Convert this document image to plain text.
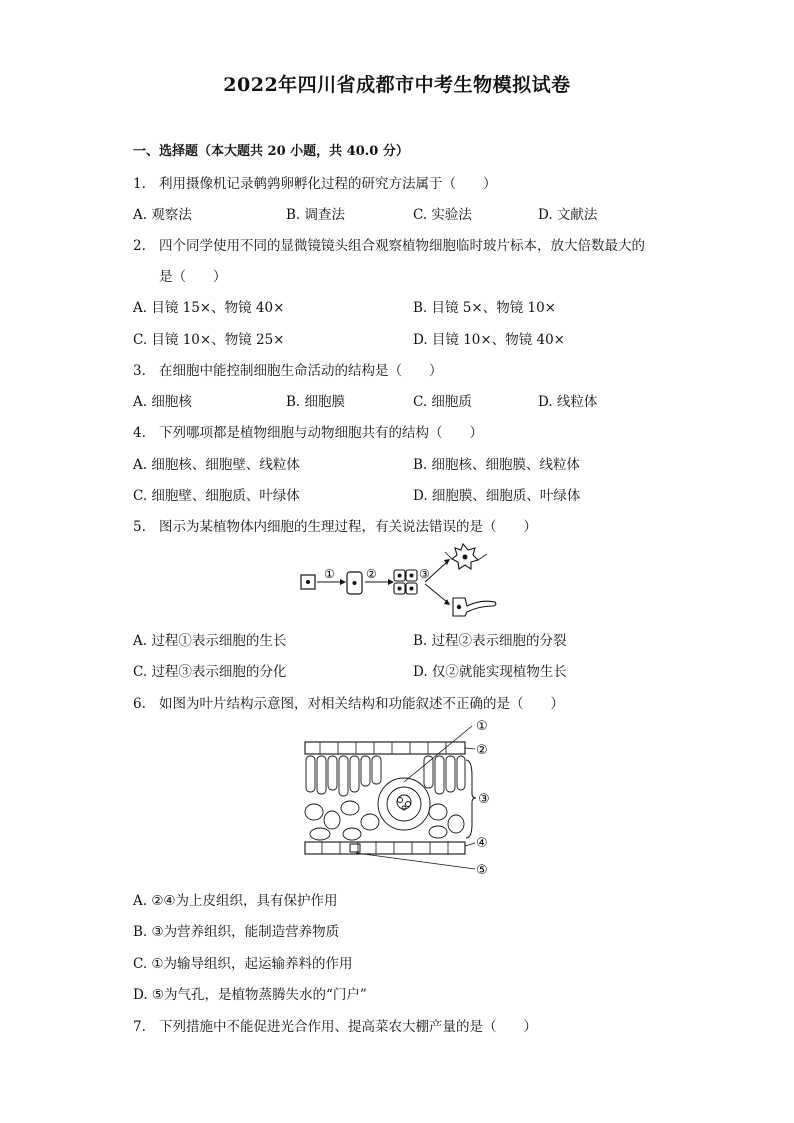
2022年四川省成都市中考生物模拟试卷
一、选择题（本大题共 20 小题，共 40.0 分）
1. 利用摄像机记录鹌鹑卵孵化过程的研究方法属于（　　）
A. 观察法	B. 调查法	C. 实验法	D. 文献法
2. 四个同学使用不同的显微镜镜头组合观察植物细胞临时玻片标本，放大倍数最大的
是（　　）
A. 目镜 15×、物镜 40×	B. 目镜 5×、物镜 10×
C. 目镜 10×、物镜 25×	D. 目镜 10×、物镜 40×
3. 在细胞中能控制细胞生命活动的结构是（　　）
A. 细胞核	B. 细胞膜	C. 细胞质	D. 线粒体
4. 下列哪项都是植物细胞与动物细胞共有的结构（　　）
A. 细胞核、细胞壁、线粒体	B. 细胞核、细胞膜、线粒体
C. 细胞壁、细胞质、叶绿体	D. 细胞膜、细胞质、叶绿体
5. 图示为某植物体内细胞的生理过程，有关说法错误的是（　　）
①	②	③
A. 过程①表示细胞的生长	B. 过程②表示细胞的分裂
C. 过程③表示细胞的分化	D. 仅②就能实现植物生长
6. 如图为叶片结构示意图，对相关结构和功能叙述不正确的是（　　）
①
②
③
④
⑤
A. ②④为上皮组织，具有保护作用
B. ③为营养组织，能制造营养物质
C. ①为输导组织，起运输养料的作用
D. ⑤为气孔，是植物蒸腾失水的“门户”
7. 下列措施中不能促进光合作用、提高菜农大棚产量的是（　　）
